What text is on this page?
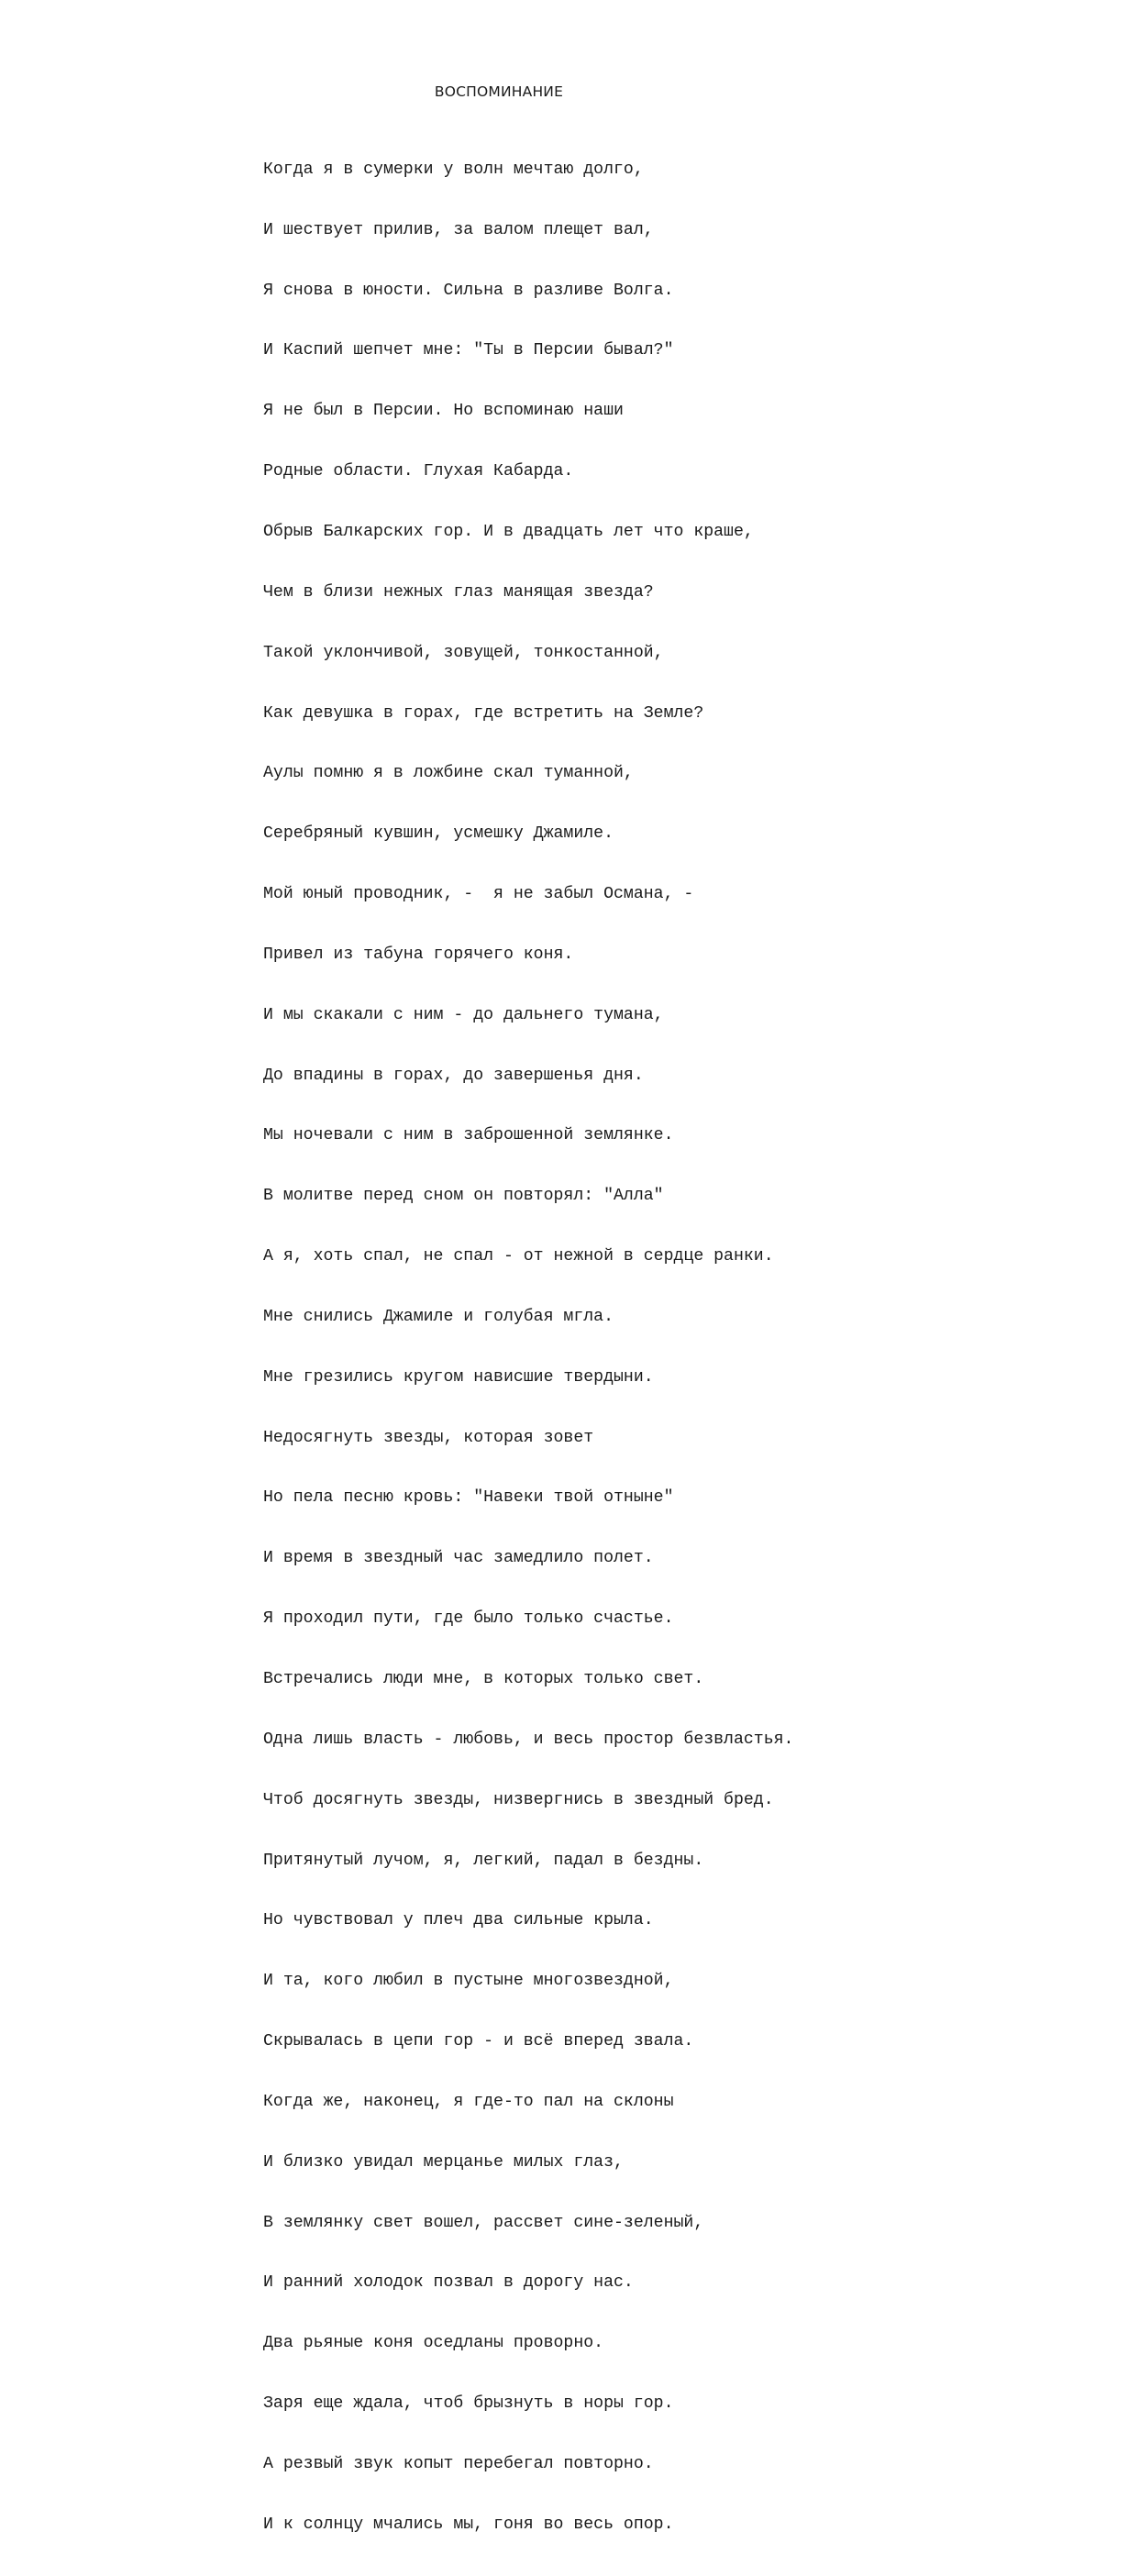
ВОСПОМИНАНИЕ

Когда я в сумерки у волн мечтаю долго,

И шествует прилив, за валом плещет вал,

Я снова в юности. Сильна в разливе Волга.

И Каспий шепчет мне: "Ты в Персии бывал?"

Я не был в Персии. Но вспоминаю наши

Родные области. Глухая Кабарда.

Обрыв Балкарских гор. И в двадцать лет что краше,

Чем в близи нежных глаз манящая звезда?

Такой уклончивой, зовущей, тонкостанной,

Как девушка в горах, где встретить на Земле?

Аулы помню я в ложбине скал туманной,

Серебряный кувшин, усмешку Джамиле.

Мой юный проводник, -  я не забыл Османа, -

Привел из табуна горячего коня.

И мы скакали с ним - до дальнего тумана,

До впадины в горах, до завершенья дня.

Мы ночевали с ним в заброшенной землянке.

В молитве перед сном он повторял: "Алла"

А я, хоть спал, не спал - от нежной в сердце ранки.

Мне снились Джамиле и голубая мгла.

Мне грезились кругом нависшие твердыни.

Недосягнуть звезды, которая зовет

Но пела песню кровь: "Навеки твой отныне"

И время в звездный час замедлило полет.

Я проходил пути, где было только счастье.

Встречались люди мне, в которых только свет.

Одна лишь власть - любовь, и весь простор безвластья.

Чтоб досягнуть звезды, низвергнись в звездный бред.

Притянутый лучом, я, легкий, падал в бездны.

Но чувствовал у плеч два сильные крыла.

И та, кого любил в пустыне многозвездной,

Скрывалась в цепи гор - и всё вперед звала.

Когда же, наконец, я где-то пал на склоны

И близко увидал мерцанье милых глаз,

В землянку свет вошел, рассвет сине-зеленый,

И ранний холодок позвал в дорогу нас.

Два рьяные коня оседланы проворно.

Заря еще ждала, чтоб брызнуть в норы гор.

А резвый звук копыт перебегал повторно.

И к солнцу мчались мы, гоня во весь опор.
